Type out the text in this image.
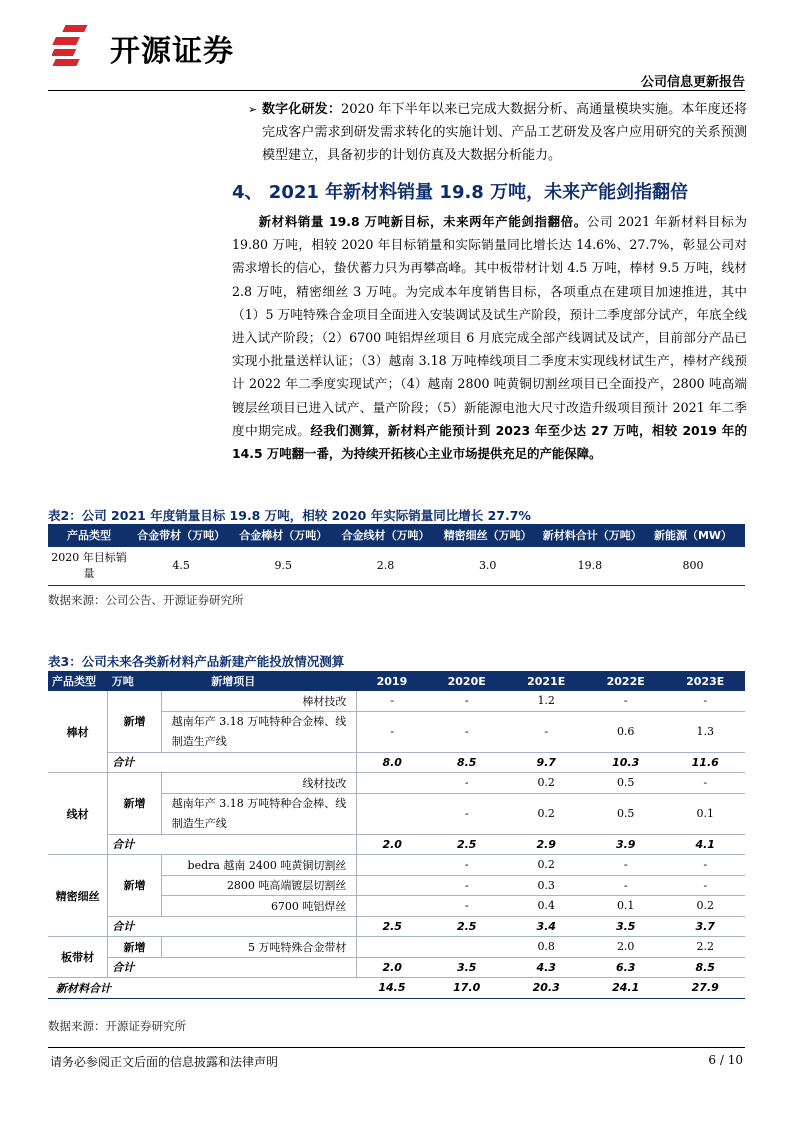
开源证券
公司信息更新报告
➢ 数字化研发：2020 年下半年以来已完成大数据分析、高通量模块实施。本年度还将完成客户需求到研发需求转化的实施计划、产品工艺研发及客户应用研究的关系预测模型建立，具备初步的计划仿真及大数据分析能力。
4、 2021 年新材料销量 19.8 万吨，未来产能剑指翻倍
新材料销量 19.8 万吨新目标，未来两年产能剑指翻倍。公司 2021 年新材料目标为 19.80 万吨，相较 2020 年目标销量和实际销量同比增长达 14.6%、27.7%，彰显公司对需求增长的信心，蛰伏蓄力只为再攀高峰。其中板带材计划 4.5 万吨，棒材 9.5 万吨，线材 2.8 万吨，精密细丝 3 万吨。为完成本年度销售目标，各项重点在建项目加速推进，其中（1）5 万吨特殊合金项目全面进入安装调试及试生产阶段，预计二季度部分试产，年底全线进入试产阶段；（2）6700 吨铝焊丝项目 6 月底完成全部产线调试及试产，目前部分产品已实现小批量送样认证；（3）越南 3.18 万吨棒线项目二季度末实现线材试生产，棒材产线预计 2022 年二季度实现试产；（4）越南 2800 吨黄铜切割丝项目已全面投产，2800 吨高端镀层丝项目已进入试产、量产阶段；（5）新能源电池大尺寸改造升级项目预计 2021 年二季度中期完成。经我们测算，新材料产能预计到 2023 年至少达 27 万吨，相较 2019 年的 14.5 万吨翻一番，为持续开拓核心主业市场提供充足的产能保障。
表2：公司 2021 年度销量目标 19.8 万吨，相较 2020 年实际销量同比增长 27.7%
产品类型	合金带材（万吨）	合金棒材（万吨）	合金线材（万吨）	精密细丝（万吨）	新材料合计（万吨）	新能源（MW）
2020 年目标销量	4.5	9.5	2.8	3.0	19.8	800
数据来源：公司公告、开源证券研究所
表3：公司未来各类新材料产品新建产能投放情况测算
产品类型	万吨	新增项目	2019	2020E	2021E	2022E	2023E
棒材	新增	棒材技改	-	-	1.2	-	-
		越南年产 3.18 万吨特种合金棒、线制造生产线	-	-	-	0.6	1.3

	合计		8.0	8.5	9.7	10.3	11.6
线材	新增	线材技改		-	0.2	0.5	-
		越南年产 3.18 万吨特种合金棒、线制造生产线		-	0.2	0.5	0.1

	合计		2.0	2.5	2.9	3.9	4.1
精密细丝	新增	bedra 越南 2400 吨黄铜切割丝		-	0.2	-	-
		2800 吨高端镀层切割丝		-	0.3	-	-
		6700 吨铝焊丝		-	0.4	0.1	0.2
	合计		2.5	2.5	3.4	3.5	3.7
板带材	新增	5 万吨特殊合金带材			0.8	2.0	2.2
	合计		2.0	3.5	4.3	6.3	8.5
新材料合计			14.5	17.0	20.3	24.1	27.9
数据来源：开源证券研究所
请务必参阅正文后面的信息披露和法律声明	6 / 10
